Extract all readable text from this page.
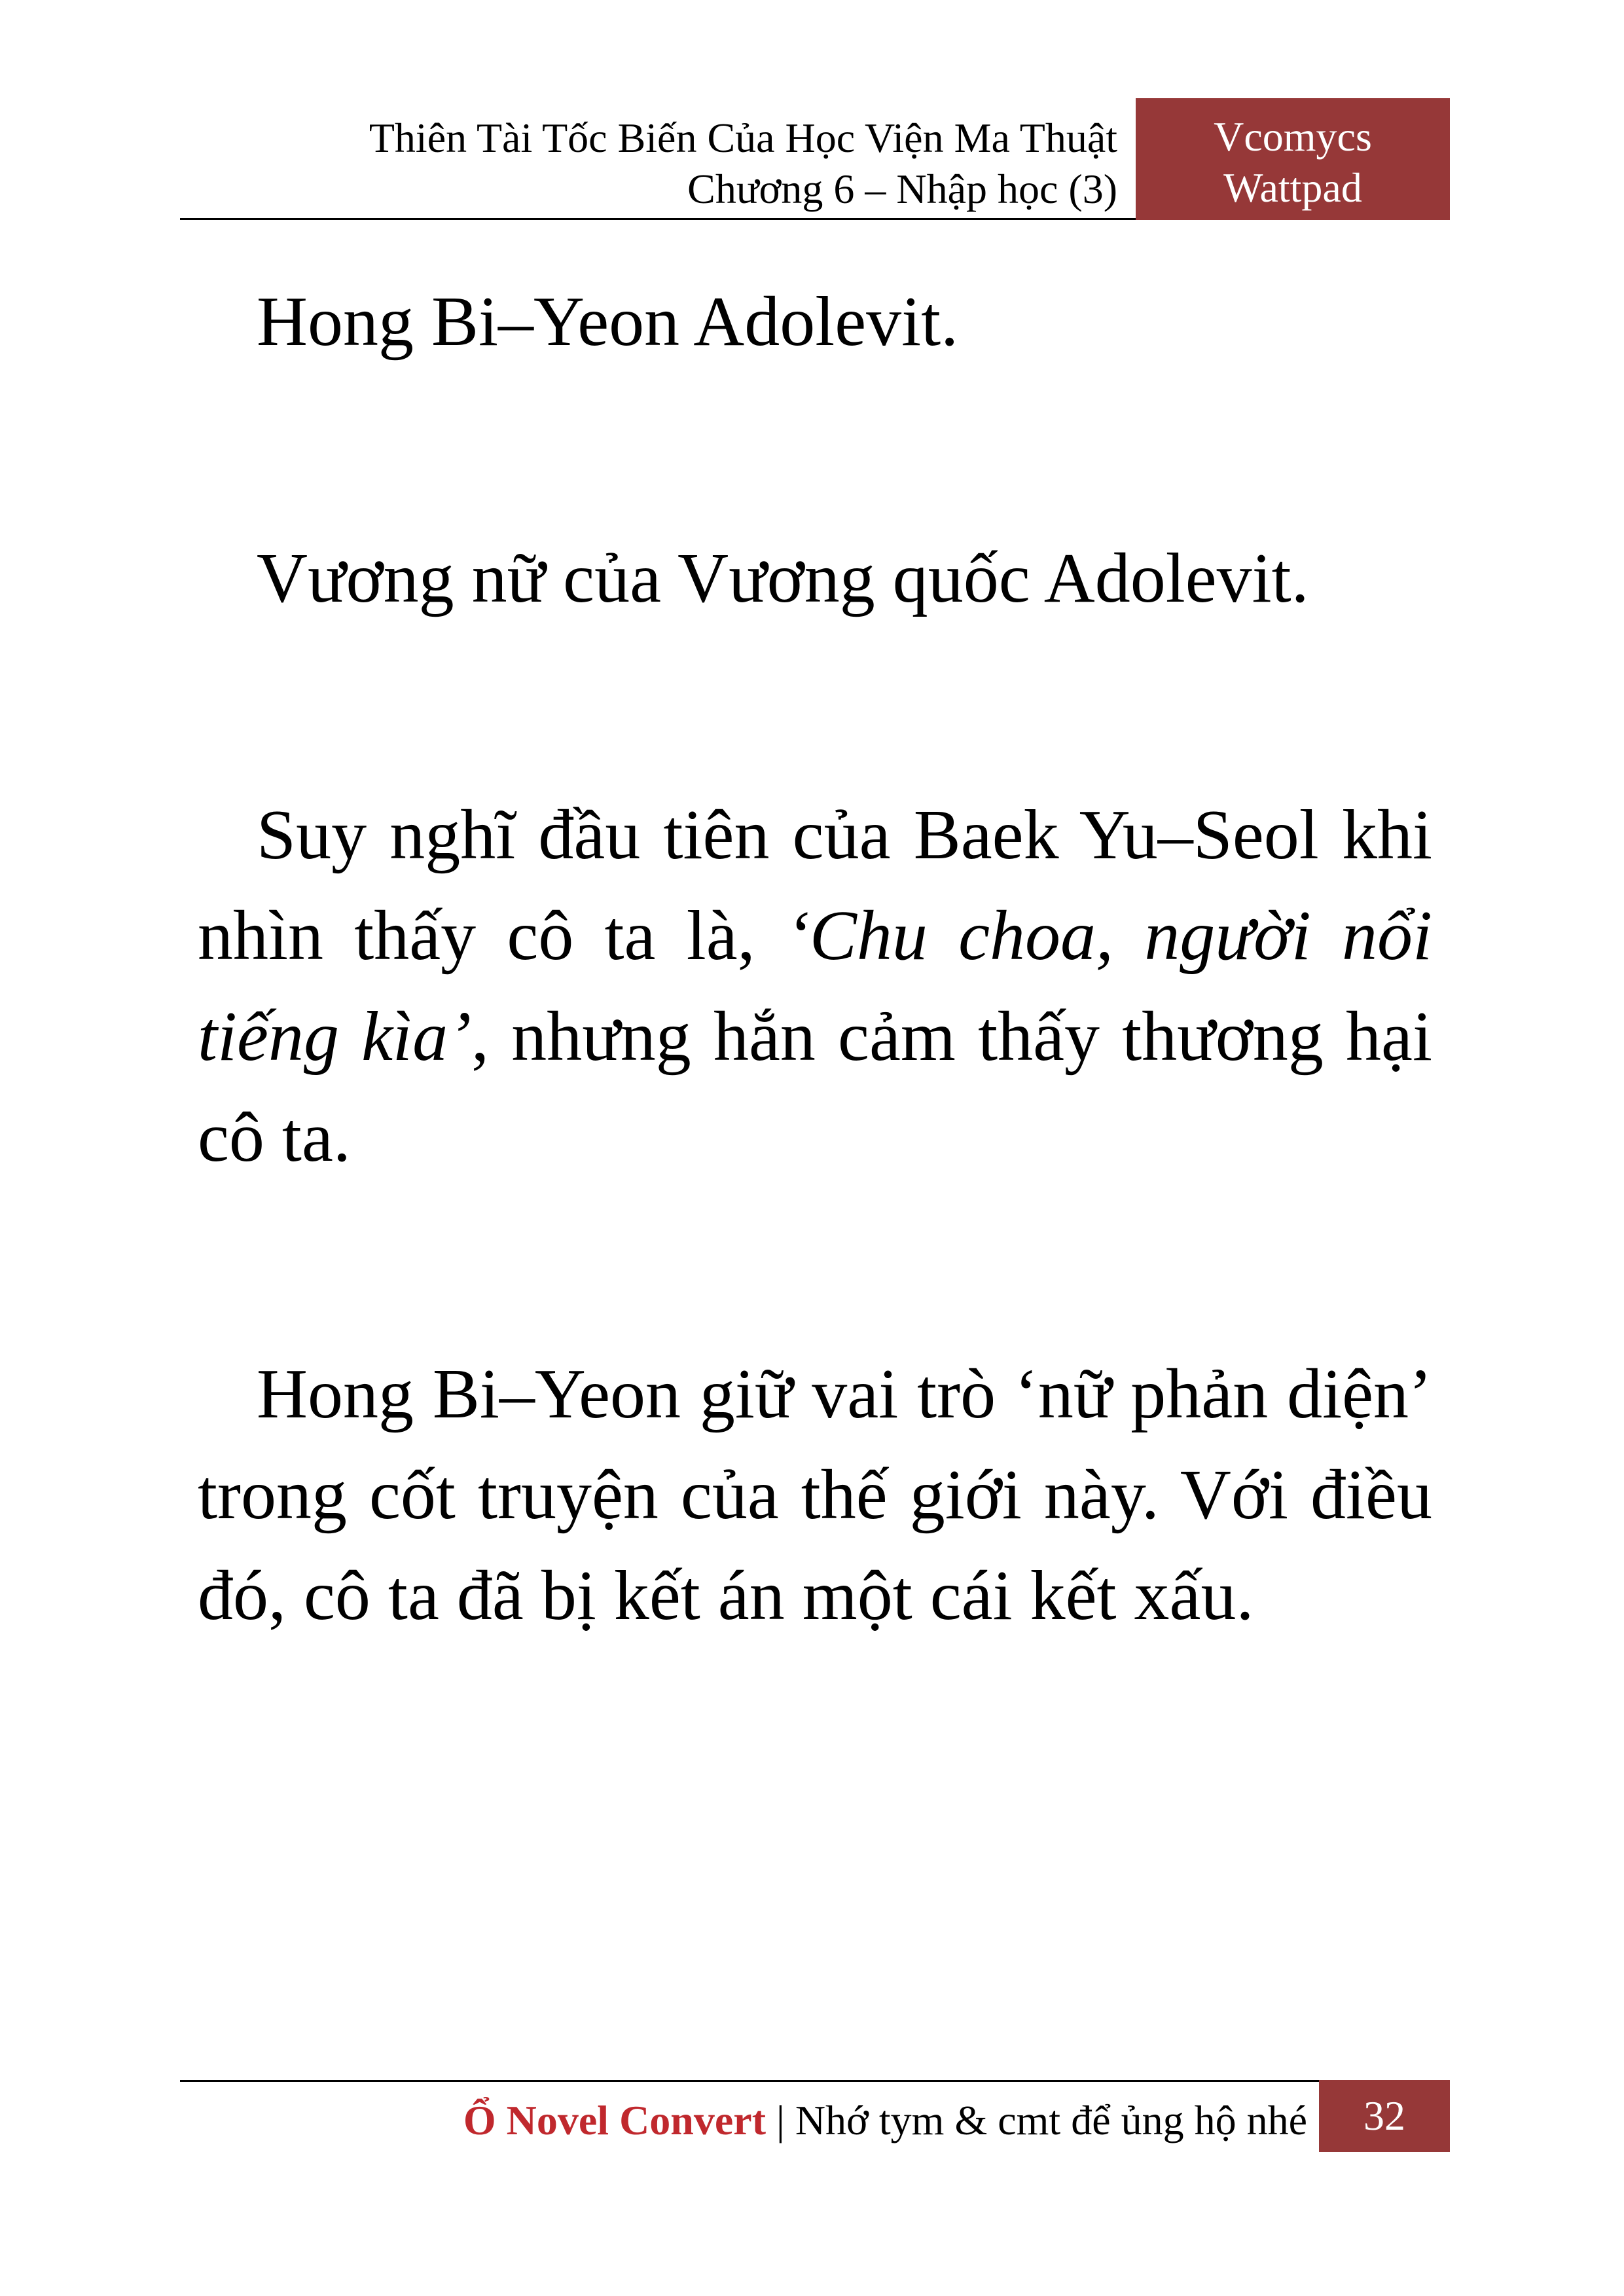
Thiên Tài Tốc Biến Của Học Viện Ma Thuật
Chương 6 – Nhập học (3)
Vcomycs
Wattpad

Hong Bi–Yeon Adolevit.

Vương nữ của Vương quốc Adolevit.

Suy nghĩ đầu tiên của Baek Yu–Seol khi nhìn thấy cô ta là, ‘Chu choa, người nổi tiếng kìa’, nhưng hắn cảm thấy thương hại cô ta.

Hong Bi–Yeon giữ vai trò ‘nữ phản diện’ trong cốt truyện của thế giới này. Với điều đó, cô ta đã bị kết án một cái kết xấu.

Ổ Novel Convert | Nhớ tym & cmt để ủng hộ nhé	32
